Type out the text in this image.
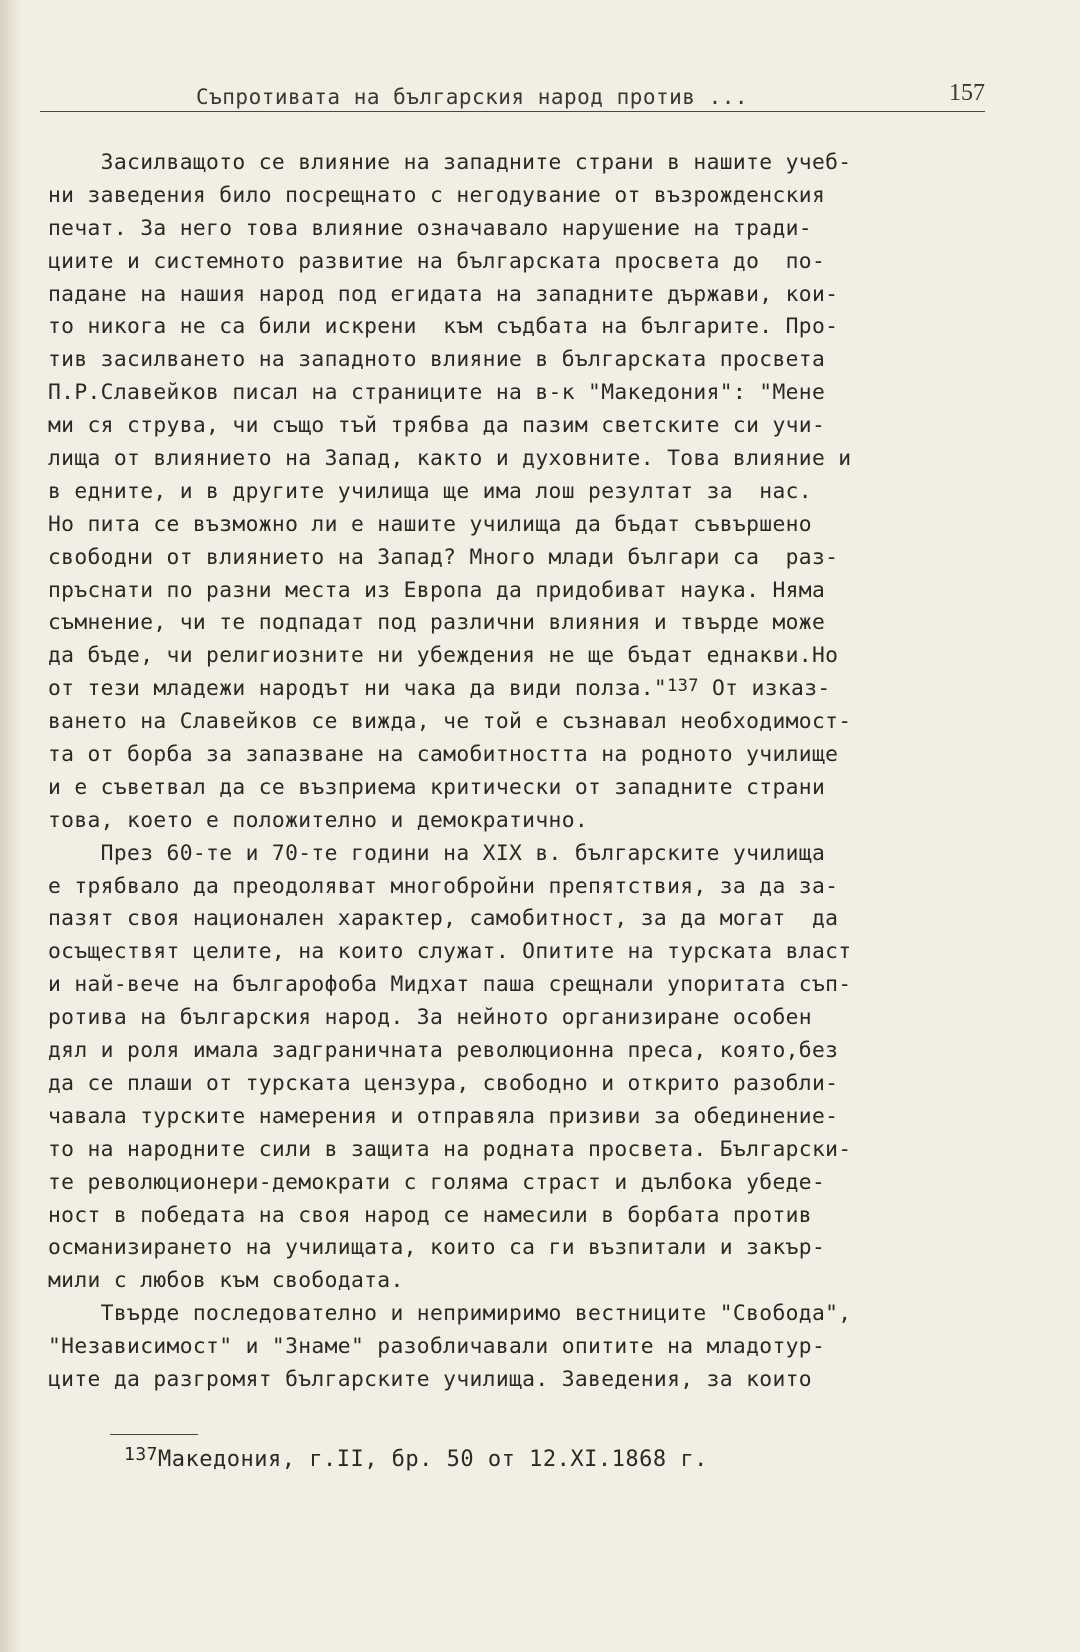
Съпротивата на българския народ против ...	157
Засилващото се влияние на западните страни в нашите учеб-
ни заведения било посрещнато с негодувание от възрожденския
печат. За него това влияние означавало нарушение на тради-
циите и системното развитие на българската просвета до  по-
падане на нашия народ под егидата на западните държави, кои-
то никога не са били искрени  към съдбата на българите. Про-
тив засилването на западното влияние в българската просвета
П.Р.Славейков писал на страниците на в-к "Македония": "Мене
ми ся струва, чи също тъй трябва да пазим светските си учи-
лища от влиянието на Запад, както и духовните. Това влияние и
в едните, и в другите училища ще има лош резултат за  нас.
Но пита се възможно ли е нашите училища да бъдат съвършено
свободни от влиянието на Запад? Много млади българи са  раз-
пръснати по разни места из Европа да придобиват наука. Няма
съмнение, чи те подпадат под различни влияния и твърде може
да бъде, чи религиозните ни убеждения не ще бъдат еднакви.Но
от тези младежи народът ни чака да види полза."$^{137}$ От изказ-
ването на Славейков се вижда, че той е съзнавал необходимост-
та от борба за запазване на самобитността на родното училище
и е съветвал да се възприема критически от западните страни
това, което е положително и демократично.
През 60-те и 70-те години на XIX в. българските училища
е трябвало да преодоляват многобройни препятствия, за да за-
пазят своя национален характер, самобитност, за да могат  да
осъществят целите, на които служат. Опитите на турската власт
и най-вече на българофоба Мидхат паша срещнали упоритата съп-
ротива на българския народ. За нейното организиране особен
дял и роля имала задграничната революционна преса, която,без
да се плаши от турската цензура, свободно и открито разобли-
чавала турските намерения и отправяла призиви за обединение-
то на народните сили в защита на родната просвета. Български-
те революционери-демократи с голяма страст и дълбока убеде-
ност в победата на своя народ се намесили в борбата против
османизирането на училищата, които са ги възпитали и закър-
мили с любов към свободата.
Твърде последователно и непримиримо вестниците "Свобода",
"Независимост" и "Знаме" разобличавали опитите на младотур-
ците да разгромят българските училища. Заведения, за които
$^{137}$Македония, г.II, бр. 50 от 12.XI.1868 г.
